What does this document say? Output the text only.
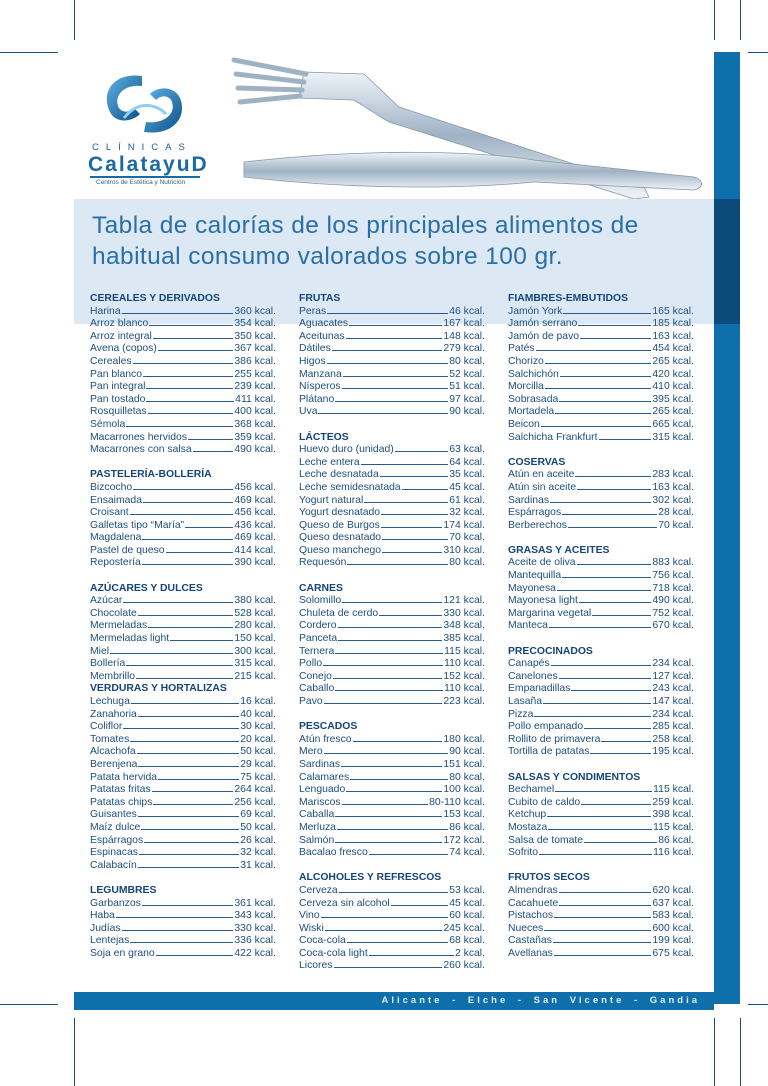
CLÍNICAS
CalatayuD
Centros de Estética y Nutrición
Tabla de calorías de los principales alimentos de habitual consumo valorados sobre 100 gr.
CEREALES Y DERIVADOS
Harina	360 kcal.
Arroz blanco	354 kcal.
Arroz integral	350 kcal.
Avena (copos)	367 kcal.
Cereales	386 kcal.
Pan blanco	255 kcal.
Pan integral	239 kcal.
Pan tostado	411 kcal.
Rosquilletas	400 kcal.
Sémola	368 kcal.
Macarrones hervidos	359 kcal.
Macarrones con salsa	490 kcal.
PASTELERÍA-BOLLERÍA
Bizcocho	456 kcal.
Ensaimada	469 kcal.
Croisant	456 kcal.
Galletas tipo “María”	436 kcal.
Magdalena	469 kcal.
Pastel de queso	414 kcal.
Repostería	390 kcal.
AZÚCARES Y DULCES
Azúcar	380 kcal.
Chocolate	528 kcal.
Mermeladas	280 kcal.
Mermeladas light	150 kcal.
Miel	300 kcal.
Bollería	315 kcal.
Membrillo	215 kcal.
VERDURAS Y HORTALIZAS
Lechuga	16 kcal.
Zanahoria	40 kcal.
Coliflor	30 kcal.
Tomates	20 kcal.
Alcachofa	50 kcal.
Berenjena	29 kcal.
Patata hervida	75 kcal.
Patatas fritas	264 kcal.
Patatas chips	256 kcal.
Guisantes	69 kcal.
Maíz dulce	50 kcal.
Espárragos	26 kcal.
Espinacas	32 kcal.
Calabacín	31 kcal.
LEGUMBRES
Garbanzos	361 kcal.
Haba	343 kcal.
Judías	330 kcal.
Lentejas	336 kcal.
Soja en grano	422 kcal.
FRUTAS
Peras	46 kcal.
Aguacates	167 kcal.
Aceitunas	148 kcal.
Dátiles	279 kcal.
Higos	80 kcal.
Manzana	52 kcal.
Nísperos	51 kcal.
Plátano	97 kcal.
Uva	90 kcal.
LÁCTEOS
Huevo duro (unidad)	63 kcal.
Leche entera	64 kcal.
Leche desnatada	35 kcal.
Leche semidesnatada	45 kcal.
Yogurt natural	61 kcal.
Yogurt desnatado	32 kcal.
Queso de Burgos	174 kcal.
Queso desnatado	70 kcal.
Queso manchego	310 kcal.
Requesón	80 kcal.
CARNES
Solomillo	121 kcal.
Chuleta de cerdo	330 kcal.
Cordero	348 kcal.
Panceta	385 kcal.
Ternera	115 kcal.
Pollo	110 kcal.
Conejo	152 kcal.
Caballo	110 kcal.
Pavo	223 kcal.
PESCADOS
Atún fresco	180 kcal.
Mero	90 kcal.
Sardinas	151 kcal.
Calamares	80 kcal.
Lenguado	100 kcal.
Mariscos	80-110 kcal.
Caballa	153 kcal.
Merluza	86 kcal.
Salmón	172 kcal.
Bacalao fresco	74 kcal.
ALCOHOLES Y REFRESCOS
Cerveza	53 kcal.
Cerveza sin alcohol	45 kcal.
Vino	60 kcal.
Wiski	245 kcal.
Coca-cola	68 kcal.
Coca-cola light	2 kcal.
Licores	260 kcal.
FIAMBRES-EMBUTIDOS
Jamón York	165 kcal.
Jamón serrano	185 kcal.
Jamón de pavo	163 kcal.
Patés	454 kcal.
Chorizo	265 kcal.
Salchichón	420 kcal.
Morcilla	410 kcal.
Sobrasada	395 kcal.
Mortadela	265 kcal.
Beicon	665 kcal.
Salchicha Frankfurt	315 kcal.
COSERVAS
Atún en aceite	283 kcal.
Atún sin aceite	163 kcal.
Sardinas	302 kcal.
Espárragos	28 kcal.
Berberechos	70 kcal.
GRASAS Y ACEITES
Aceite de oliva	883 kcal.
Mantequilla	756 kcal.
Mayonesa	718 kcal.
Mayonesa light	490 kcal.
Margarina vegetal	752 kcal.
Manteca	670 kcal.
PRECOCINADOS
Canapés	234 kcal.
Canelones	127 kcal.
Empanadillas	243 kcal.
Lasaña	147 kcal.
Pizza	234 kcal.
Pollo empanado	285 kcal.
Rollito de primavera	258 kcal.
Tortilla de patatas	195 kcal.
SALSAS Y CONDIMENTOS
Bechamel	115 kcal.
Cubito de caldo	259 kcal.
Ketchup	398 kcal.
Mostaza	115 kcal.
Salsa de tomate	86 kcal.
Sofrito	116 kcal.
FRUTOS SECOS
Almendras	620 kcal.
Cacahuete	637 kcal.
Pistachos	583 kcal.
Nueces	600 kcal.
Castañas	199 kcal.
Avellanas	675 kcal.
Alicante - Elche - San Vicente - Gandia
